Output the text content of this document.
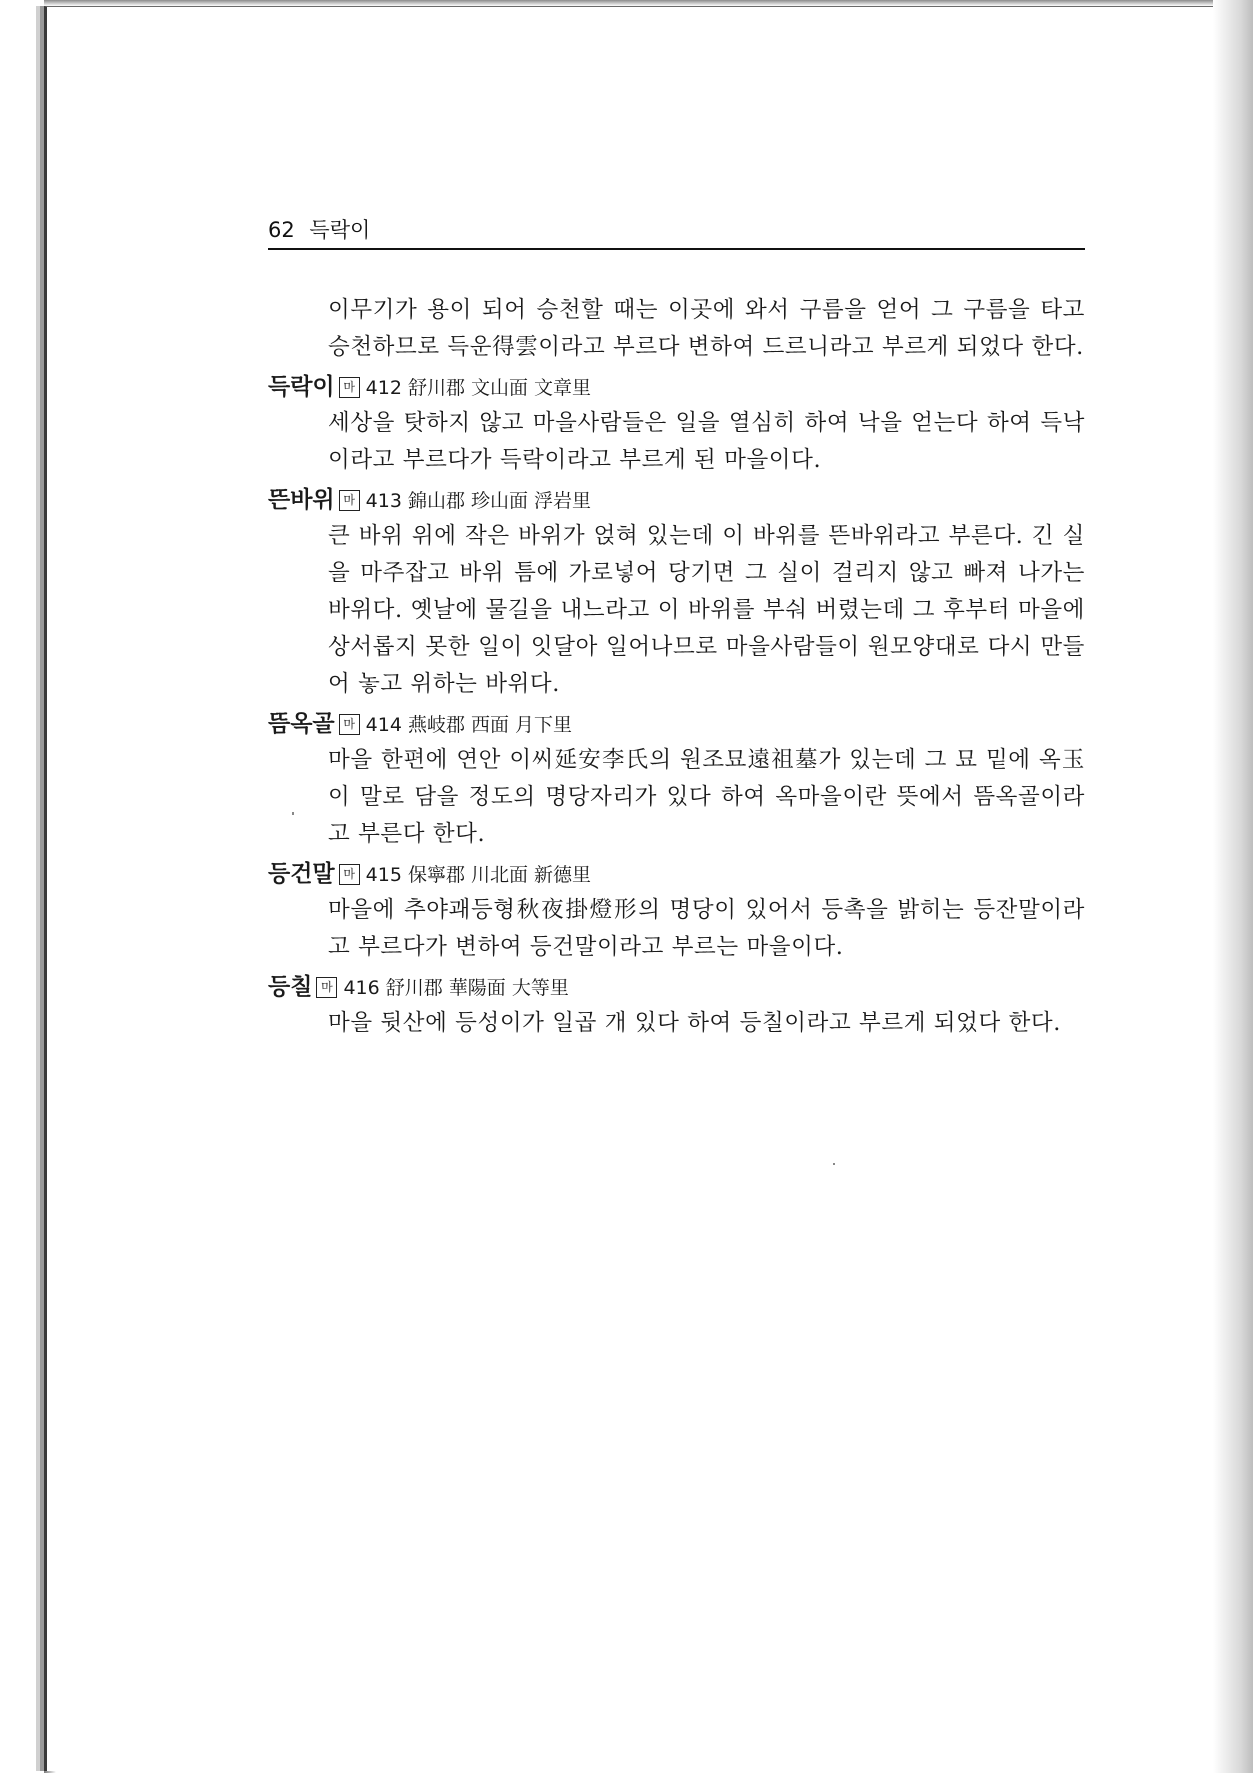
62 득락이

이무기가 용이 되어 승천할 때는 이곳에 와서 구름을 얻어 그 구름을 타고 승천하므로 득운得雲이라고 부르다 변하여 드르니라고 부르게 되었다 한다.

득락이 마 412 舒川郡 文山面 文章里

세상을 탓하지 않고 마을사람들은 일을 열심히 하여 낙을 얻는다 하여 득낙이라고 부르다가 득락이라고 부르게 된 마을이다.

뜬바위 마 413 錦山郡 珍山面 浮岩里

큰 바위 위에 작은 바위가 얹혀 있는데 이 바위를 뜬바위라고 부른다. 긴 실을 마주잡고 바위 틈에 가로넣어 당기면 그 실이 걸리지 않고 빠져 나가는 바위다. 옛날에 물길을 내느라고 이 바위를 부숴 버렸는데 그 후부터 마을에 상서롭지 못한 일이 잇달아 일어나므로 마을사람들이 원모양대로 다시 만들어 놓고 위하는 바위다.

뜸옥골 마 414 燕岐郡 西面 月下里

마을 한편에 연안 이씨延安李氏의 원조묘遠祖墓가 있는데 그 묘 밑에 옥玉이 말로 담을 정도의 명당자리가 있다 하여 옥마을이란 뜻에서 뜸옥골이라고 부른다 한다.

등건말 마 415 保寧郡 川北面 新德里

마을에 추야괘등형秋夜掛燈形의 명당이 있어서 등촉을 밝히는 등잔말이라고 부르다가 변하여 등건말이라고 부르는 마을이다.

등칠 마 416 舒川郡 華陽面 大等里

마을 뒷산에 등성이가 일곱 개 있다 하여 등칠이라고 부르게 되었다 한다.
